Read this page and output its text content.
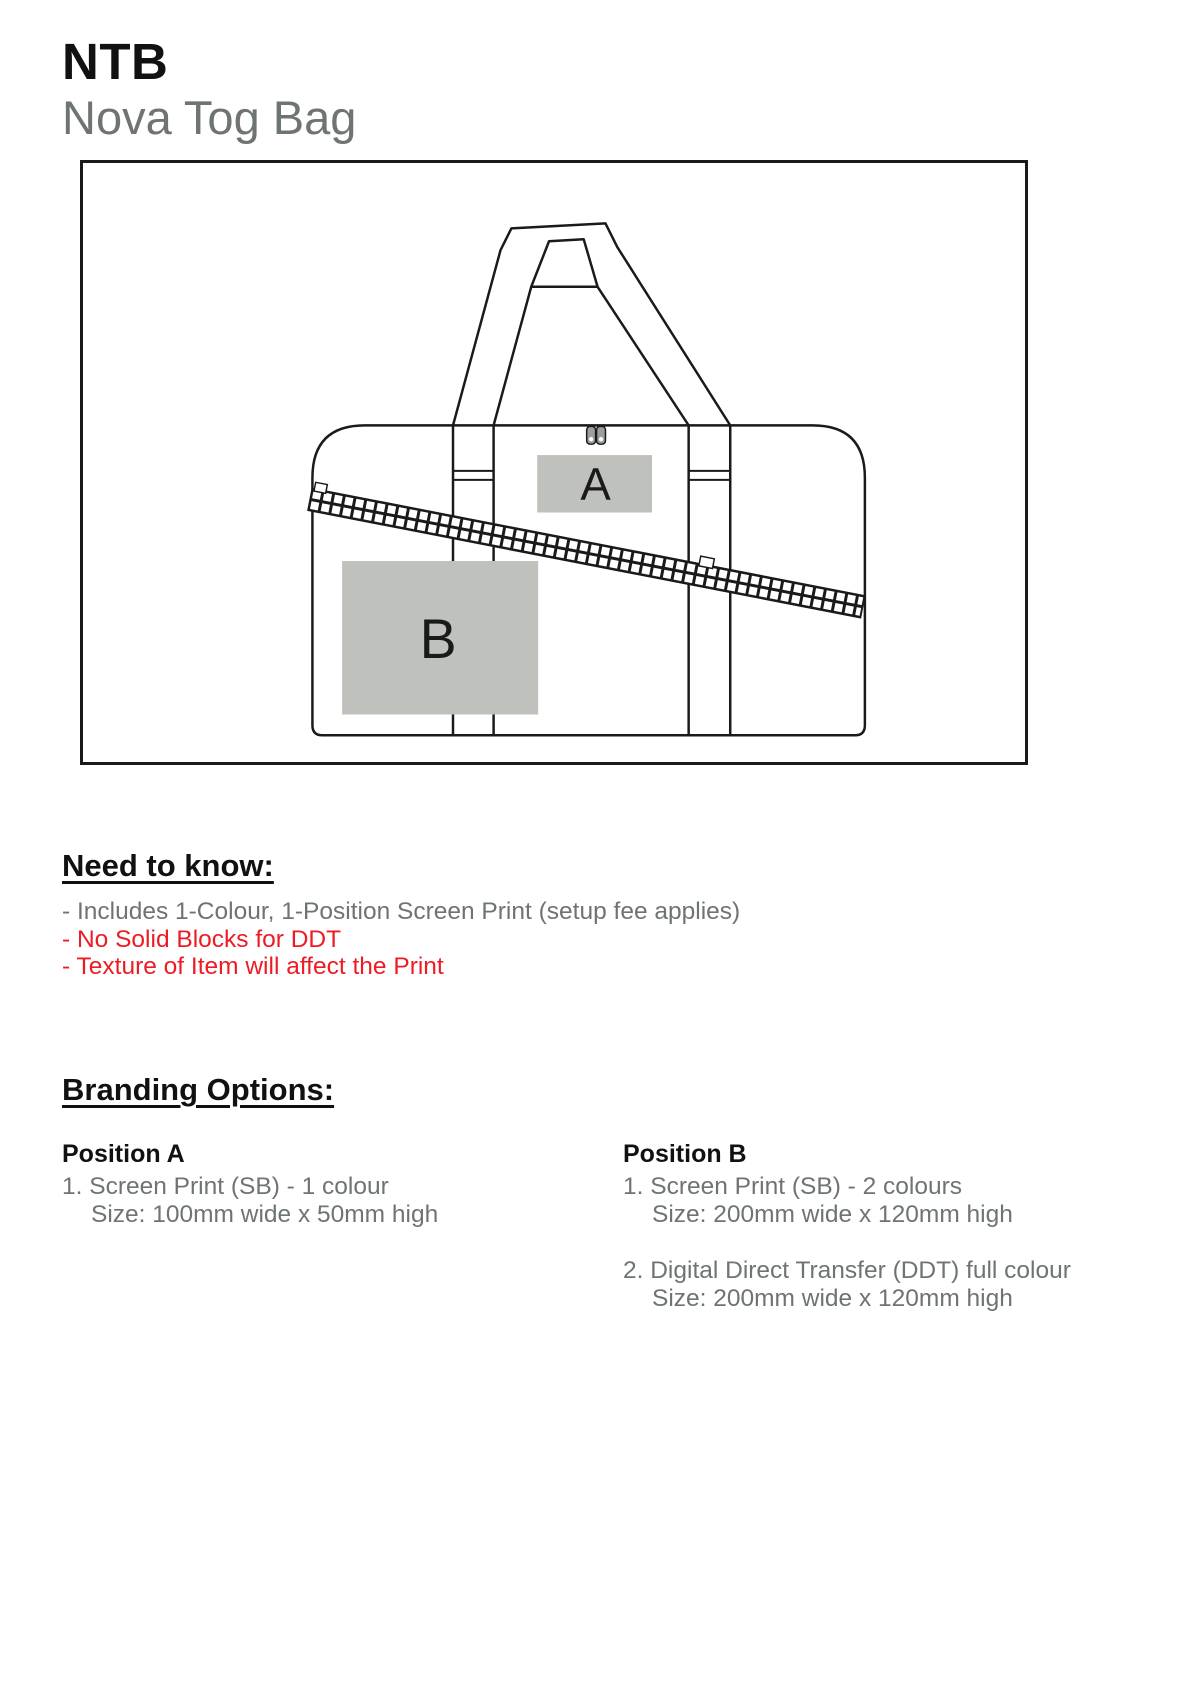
NTB
Nova Tog Bag
A
B
Need to know:
- Includes 1-Colour, 1-Position Screen Print (setup fee applies)
- No Solid Blocks for DDT
- Texture of Item will affect the Print
Branding Options:
Position A
1. Screen Print (SB) - 1 colour
Size: 100mm wide x 50mm high
Position B
1. Screen Print (SB) - 2 colours
Size: 200mm wide x 120mm high
2. Digital Direct Transfer (DDT) full colour
Size: 200mm wide x 120mm high
